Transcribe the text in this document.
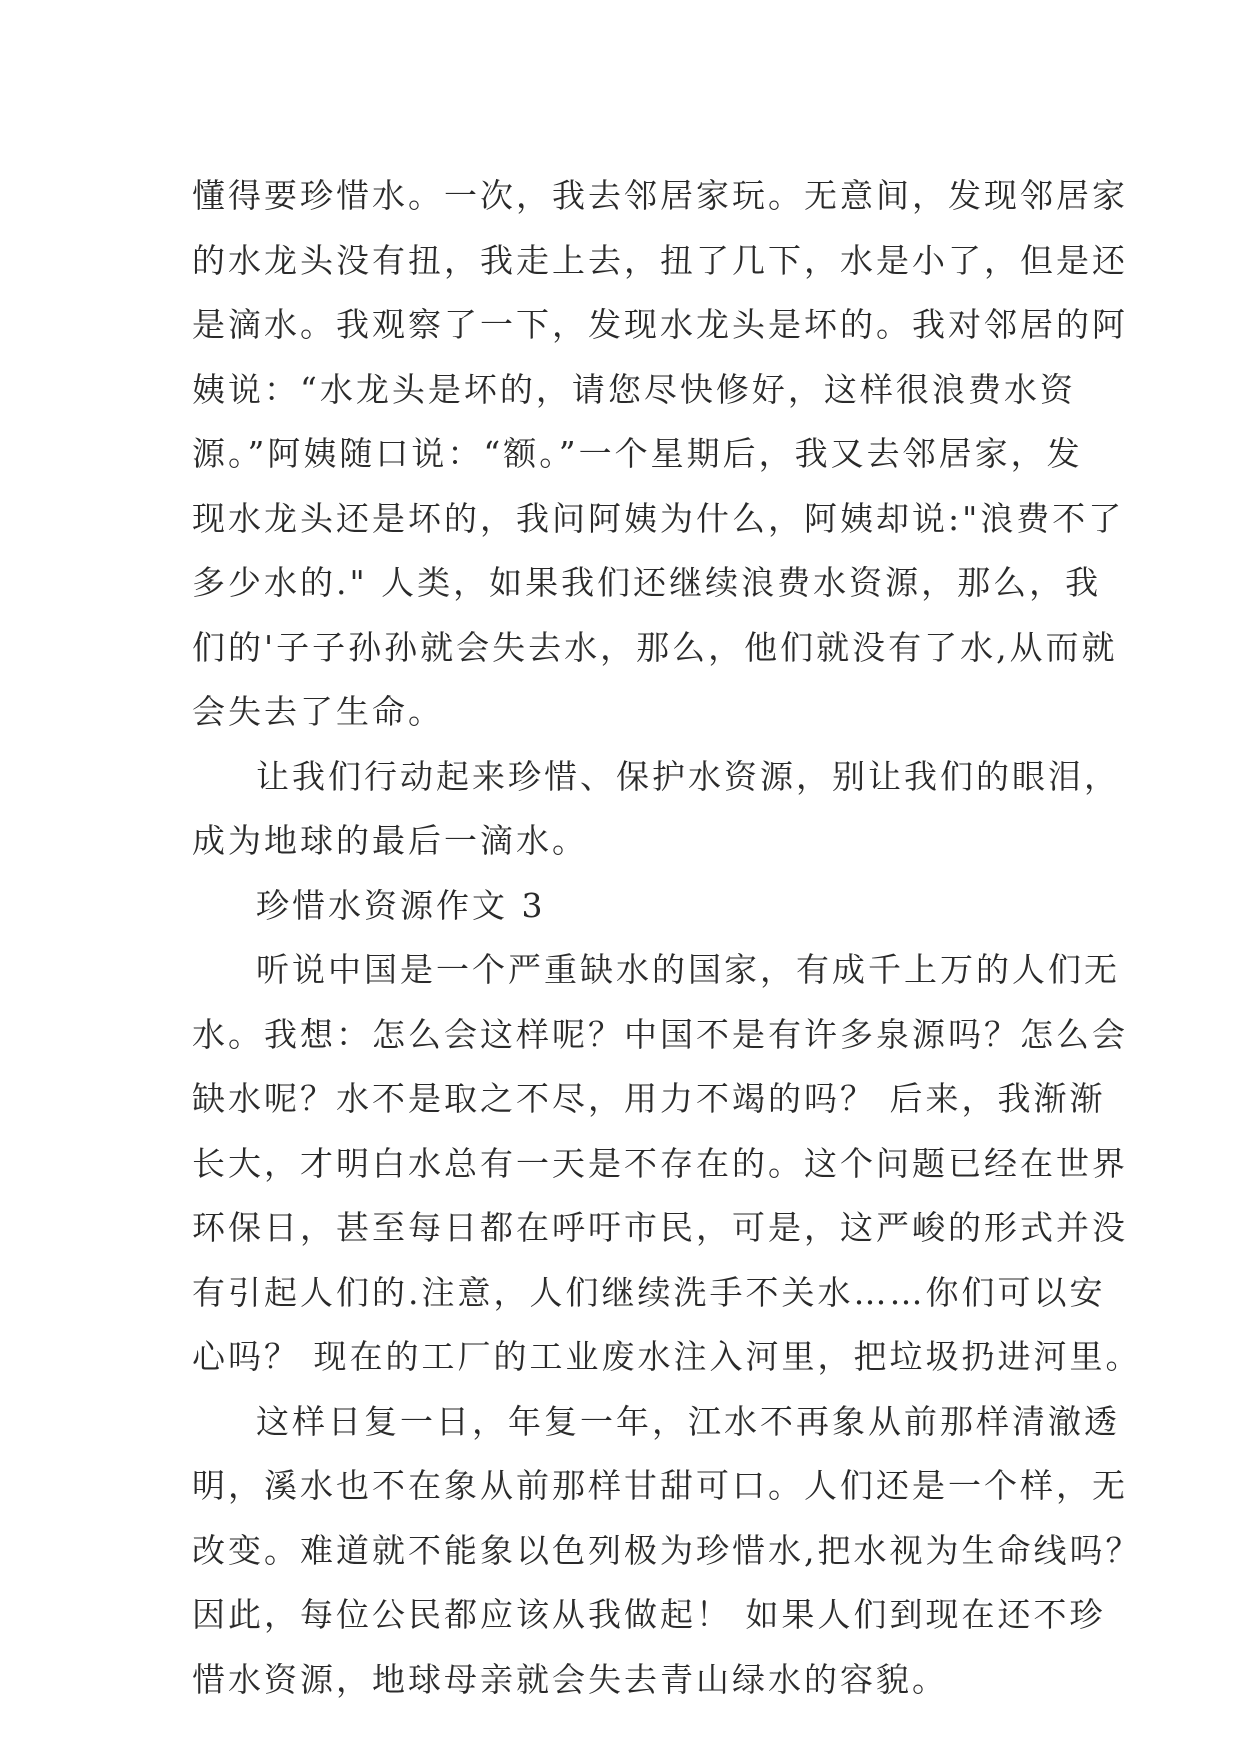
懂得要珍惜水。一次，我去邻居家玩。无意间，发现邻居家

的水龙头没有扭，我走上去，扭了几下，水是小了，但是还

是滴水。我观察了一下，发现水龙头是坏的。我对邻居的阿

姨说：“水龙头是坏的，请您尽快修好，这样很浪费水资

源。”阿姨随口说：“额。”一个星期后，我又去邻居家，发

现水龙头还是坏的，我问阿姨为什么，阿姨却说:"浪费不了

多少水的." 人类，如果我们还继续浪费水资源，那么，我

们的'子子孙孙就会失去水，那么，他们就没有了水,从而就

会失去了生命。

让我们行动起来珍惜、保护水资源，别让我们的眼泪，

成为地球的最后一滴水。

珍惜水资源作文 3

听说中国是一个严重缺水的国家，有成千上万的人们无

水。我想：怎么会这样呢？中国不是有许多泉源吗？怎么会

缺水呢？水不是取之不尽，用力不竭的吗？ 后来，我渐渐

长大，才明白水总有一天是不存在的。这个问题已经在世界

环保日，甚至每日都在呼吁市民，可是，这严峻的形式并没

有引起人们的.注意，人们继续洗手不关水……你们可以安

心吗？ 现在的工厂的工业废水注入河里，把垃圾扔进河里。

这样日复一日，年复一年，江水不再象从前那样清澈透

明，溪水也不在象从前那样甘甜可口。人们还是一个样，无

改变。难道就不能象以色列极为珍惜水,把水视为生命线吗？

因此，每位公民都应该从我做起！ 如果人们到现在还不珍

惜水资源，地球母亲就会失去青山绿水的容貌。
